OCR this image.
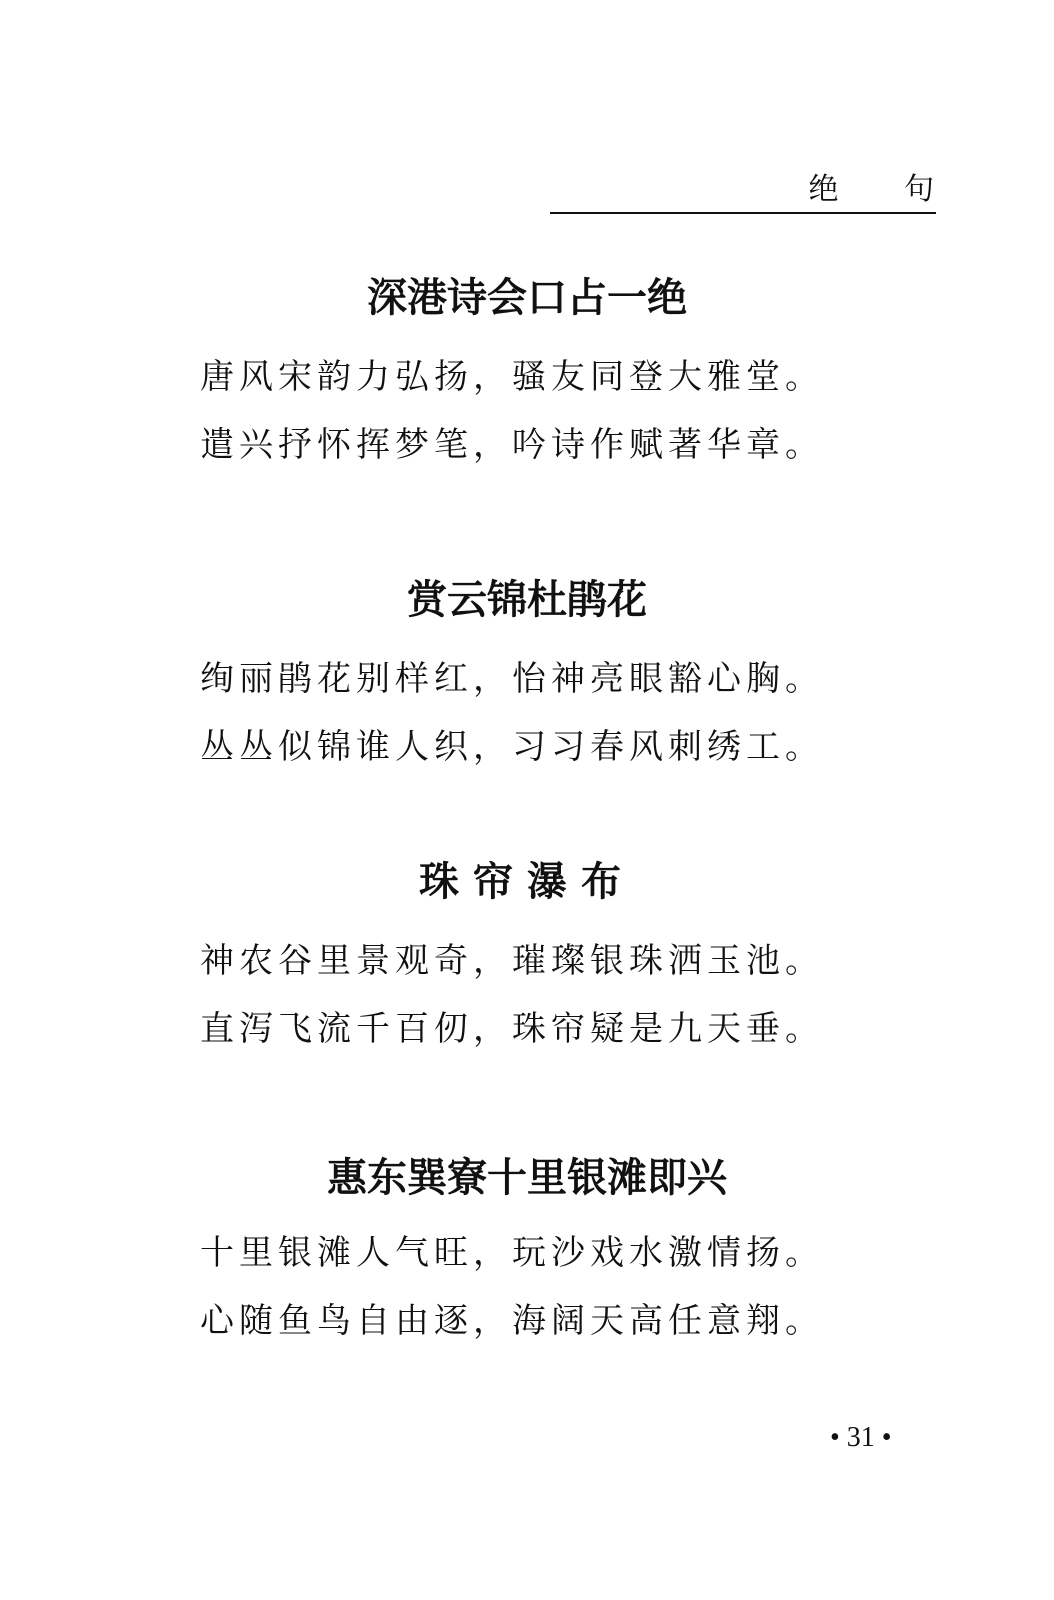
绝 句
深港诗会口占一绝
唐风宋韵力弘扬，骚友同登大雅堂。
遣兴抒怀挥梦笔，吟诗作赋著华章。
赏云锦杜鹃花
绚丽鹃花别样红，怡神亮眼豁心胸。
丛丛似锦谁人织，习习春风刺绣工。
珠帘瀑布
神农谷里景观奇，璀璨银珠洒玉池。
直泻飞流千百仞，珠帘疑是九天垂。
惠东巽寮十里银滩即兴
十里银滩人气旺，玩沙戏水激情扬。
心随鱼鸟自由逐，海阔天高任意翔。
• 31 •
